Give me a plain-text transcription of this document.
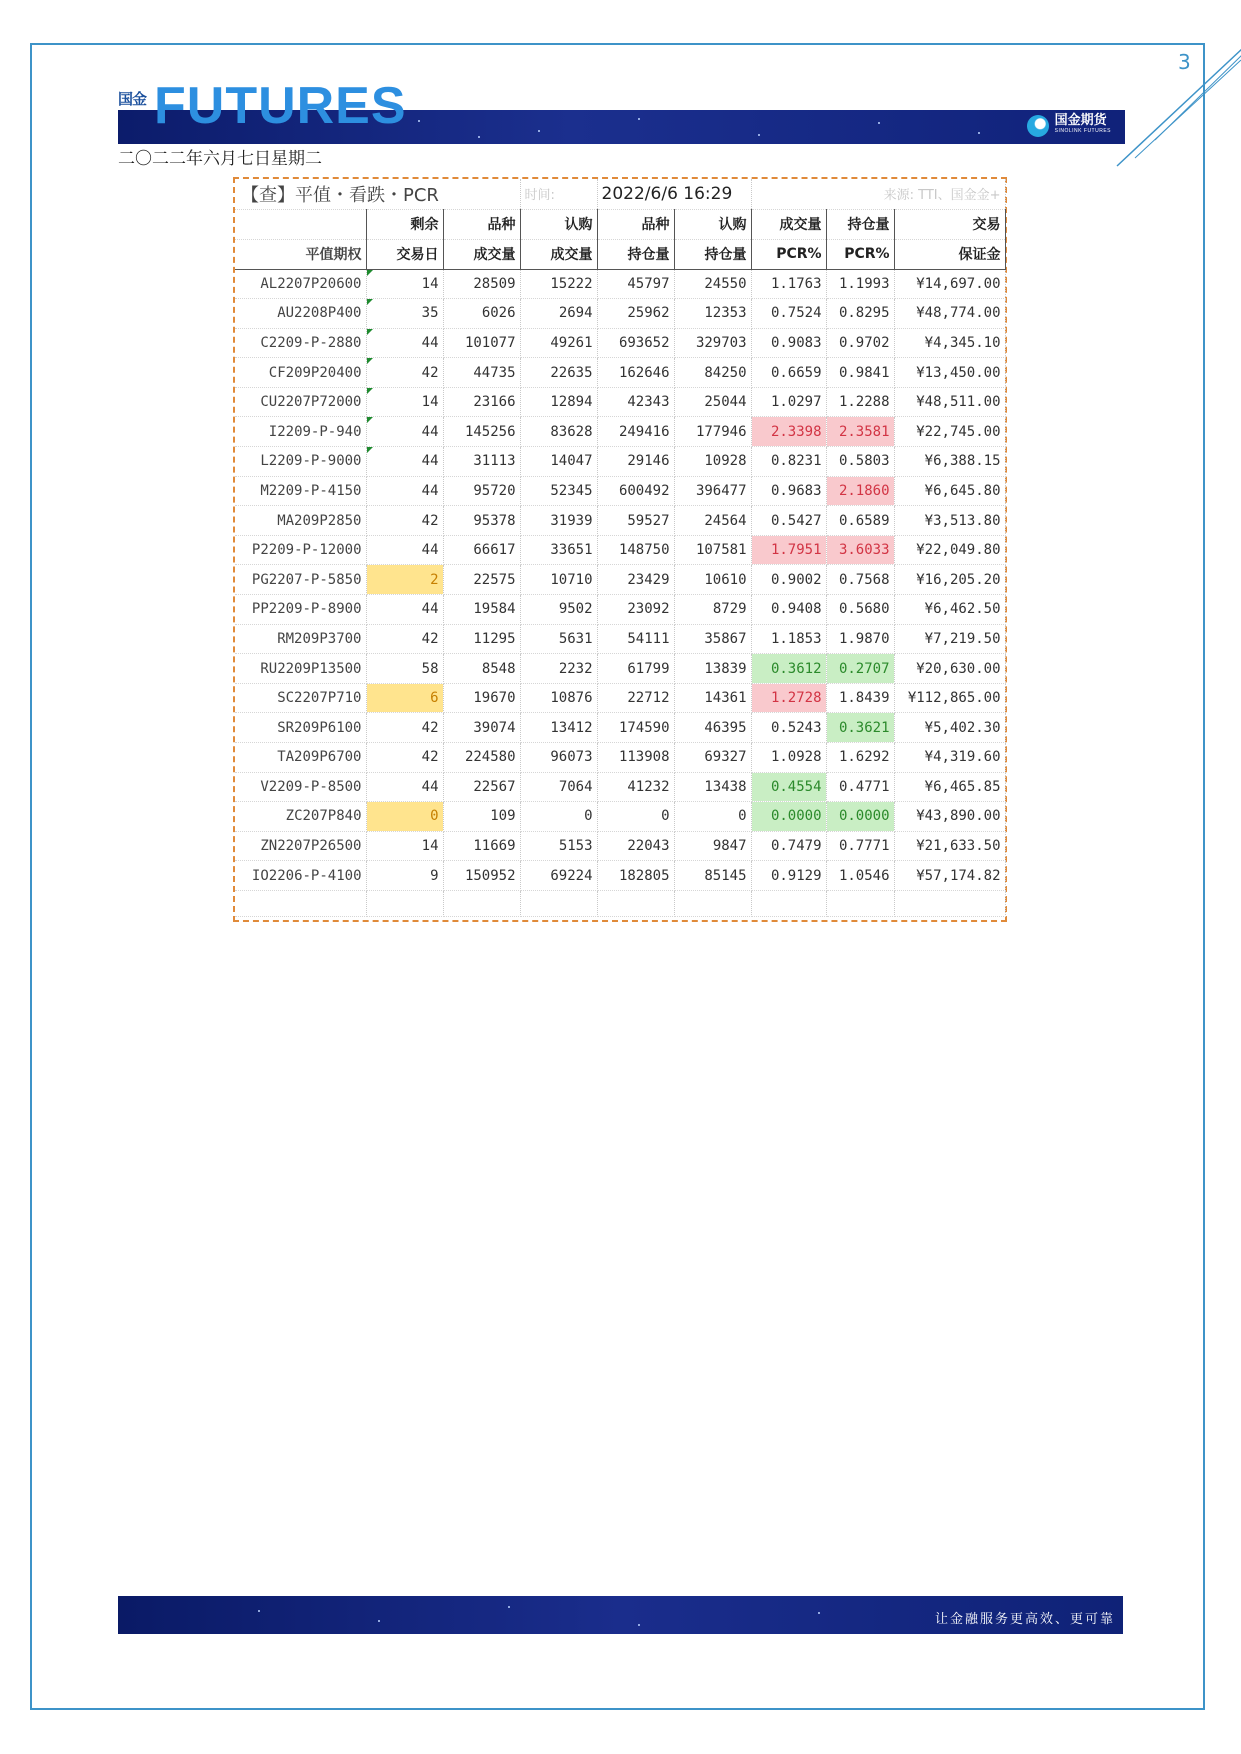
3
国金期货
SINOLINK FUTURES
国金 FUTURES
二〇二二年六月七日星期二
【查】平值・看跌・PCR			时间:	2022/6/6 16:29		来源: TTI、国金金+		
	剩余	品种	认购	品种	认购	成交量	持仓量	交易
平值期权	交易日	成交量	成交量	持仓量	持仓量	PCR%	PCR%	保证金
AL2207P20600	14	28509	15222	45797	24550	1.1763	1.1993	¥14,697.00
AU2208P400	35	6026	2694	25962	12353	0.7524	0.8295	¥48,774.00
C2209-P-2880	44	101077	49261	693652	329703	0.9083	0.9702	¥4,345.10
CF209P20400	42	44735	22635	162646	84250	0.6659	0.9841	¥13,450.00
CU2207P72000	14	23166	12894	42343	25044	1.0297	1.2288	¥48,511.00
I2209-P-940	44	145256	83628	249416	177946	2.3398	2.3581	¥22,745.00
L2209-P-9000	44	31113	14047	29146	10928	0.8231	0.5803	¥6,388.15
M2209-P-4150	44	95720	52345	600492	396477	0.9683	2.1860	¥6,645.80
MA209P2850	42	95378	31939	59527	24564	0.5427	0.6589	¥3,513.80
P2209-P-12000	44	66617	33651	148750	107581	1.7951	3.6033	¥22,049.80
PG2207-P-5850	2	22575	10710	23429	10610	0.9002	0.7568	¥16,205.20
PP2209-P-8900	44	19584	9502	23092	8729	0.9408	0.5680	¥6,462.50
RM209P3700	42	11295	5631	54111	35867	1.1853	1.9870	¥7,219.50
RU2209P13500	58	8548	2232	61799	13839	0.3612	0.2707	¥20,630.00
SC2207P710	6	19670	10876	22712	14361	1.2728	1.8439	¥112,865.00
SR209P6100	42	39074	13412	174590	46395	0.5243	0.3621	¥5,402.30
TA209P6700	42	224580	96073	113908	69327	1.0928	1.6292	¥4,319.60
V2209-P-8500	44	22567	7064	41232	13438	0.4554	0.4771	¥6,465.85
ZC207P840	0	109	0	0	0	0.0000	0.0000	¥43,890.00
ZN2207P26500	14	11669	5153	22043	9847	0.7479	0.7771	¥21,633.50
IO2206-P-4100	9	150952	69224	182805	85145	0.9129	1.0546	¥57,174.82

让金融服务更高效、更可靠
